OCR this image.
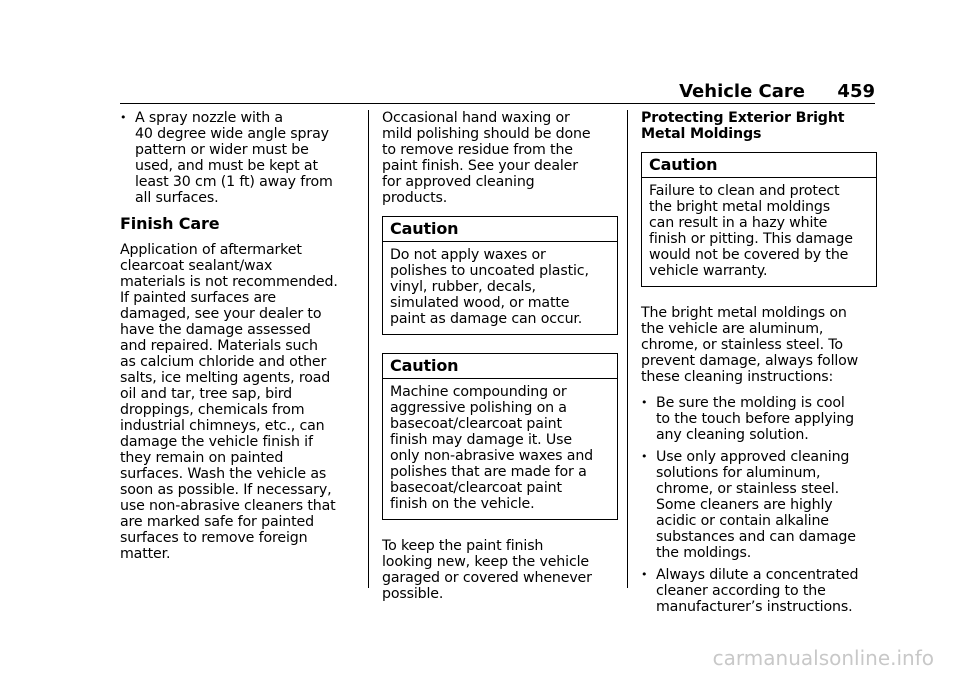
Vehicle Care 459
• A spray nozzle with a
40 degree wide angle spray
pattern or wider must be
used, and must be kept at
least 30 cm (1 ft) away from
all surfaces.
Finish Care

Application of aftermarket
clearcoat sealant/wax
materials is not recommended.
If painted surfaces are
damaged, see your dealer to
have the damage assessed
and repaired. Materials such
as calcium chloride and other
salts, ice melting agents, road
oil and tar, tree sap, bird
droppings, chemicals from
industrial chimneys, etc., can
damage the vehicle finish if
they remain on painted
surfaces. Wash the vehicle as
soon as possible. If necessary,
use non-abrasive cleaners that
are marked safe for painted
surfaces to remove foreign
matter.

Occasional hand waxing or
mild polishing should be done
to remove residue from the
paint finish. See your dealer
for approved cleaning
products.

Caution
Do not apply waxes or
polishes to uncoated plastic,
vinyl, rubber, decals,
simulated wood, or matte
paint as damage can occur.
Caution
Machine compounding or
aggressive polishing on a
basecoat/clearcoat paint
finish may damage it. Use
only non-abrasive waxes and
polishes that are made for a
basecoat/clearcoat paint
finish on the vehicle.

To keep the paint finish
looking new, keep the vehicle
garaged or covered whenever
possible.

Protecting Exterior Bright
Metal Moldings
Caution
Failure to clean and protect
the bright metal moldings
can result in a hazy white
finish or pitting. This damage
would not be covered by the
vehicle warranty.

The bright metal moldings on
the vehicle are aluminum,
chrome, or stainless steel. To
prevent damage, always follow
these cleaning instructions:

• Be sure the molding is cool
to the touch before applying
any cleaning solution.
• Use only approved cleaning
solutions for aluminum,
chrome, or stainless steel.
Some cleaners are highly
acidic or contain alkaline
substances and can damage
the moldings.
• Always dilute a concentrated
cleaner according to the
manufacturer’s instructions.
carmanualsonline.info
